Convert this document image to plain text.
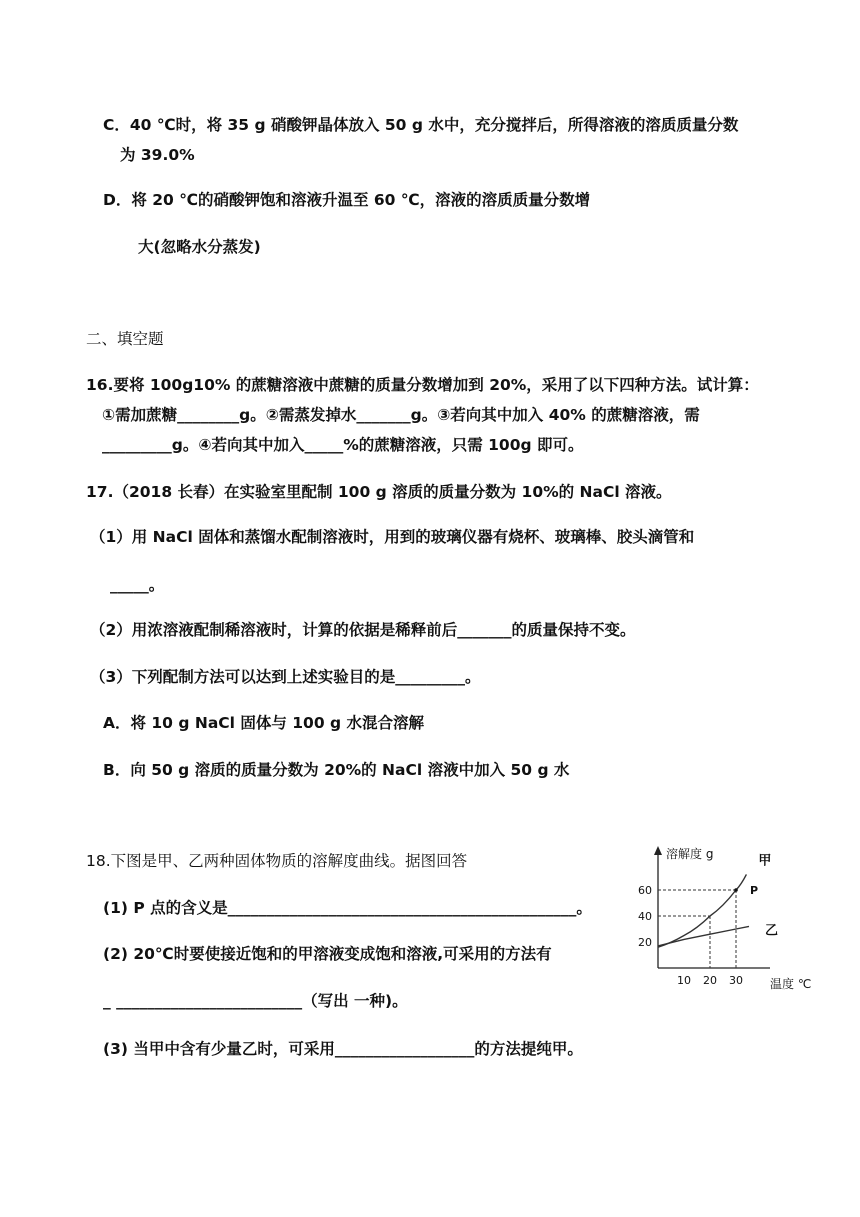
C．40 ℃时，将 35 g 硝酸钾晶体放入 50 g 水中，充分搅拌后，所得溶液的溶质质量分数
为 39.0%
D．将 20 ℃的硝酸钾饱和溶液升温至 60 ℃，溶液的溶质质量分数增
大(忽略水分蒸发)
二、填空题
16.要将 100g10% 的蔗糖溶液中蔗糖的质量分数增加到 20%，采用了以下四种方法。试计算：
①需加蔗糖________g。②需蒸发掉水_______g。③若向其中加入 40% 的蔗糖溶液，需
_________g。④若向其中加入_____%的蔗糖溶液，只需 100g 即可。
17.（2018 长春）在实验室里配制 100 g 溶质的质量分数为 10%的 NaCl 溶液。
（1）用 NaCl 固体和蒸馏水配制溶液时，用到的玻璃仪器有烧杯、玻璃棒、胶头滴管和
_____。
（2）用浓溶液配制稀溶液时，计算的依据是稀释前后_______的质量保持不变。
（3）下列配制方法可以达到上述实验目的是_________。
A．将 10 g NaCl 固体与 100 g 水混合溶解
B．向 50 g 溶质的质量分数为 20%的 NaCl 溶液中加入 50 g 水
18.下图是甲、乙两种固体物质的溶解度曲线。据图回答
(1) P 点的含义是_____________________________________________。
(2) 20℃时要使接近饱和的甲溶液变成饱和溶液,可采用的方法有
_ ________________________（写出 一种)。
(3) 当甲中含有少量乙时，可采用__________________的方法提纯甲。
溶解度 g
温度 ℃
10 20 30
20
40
60
甲
乙
P
